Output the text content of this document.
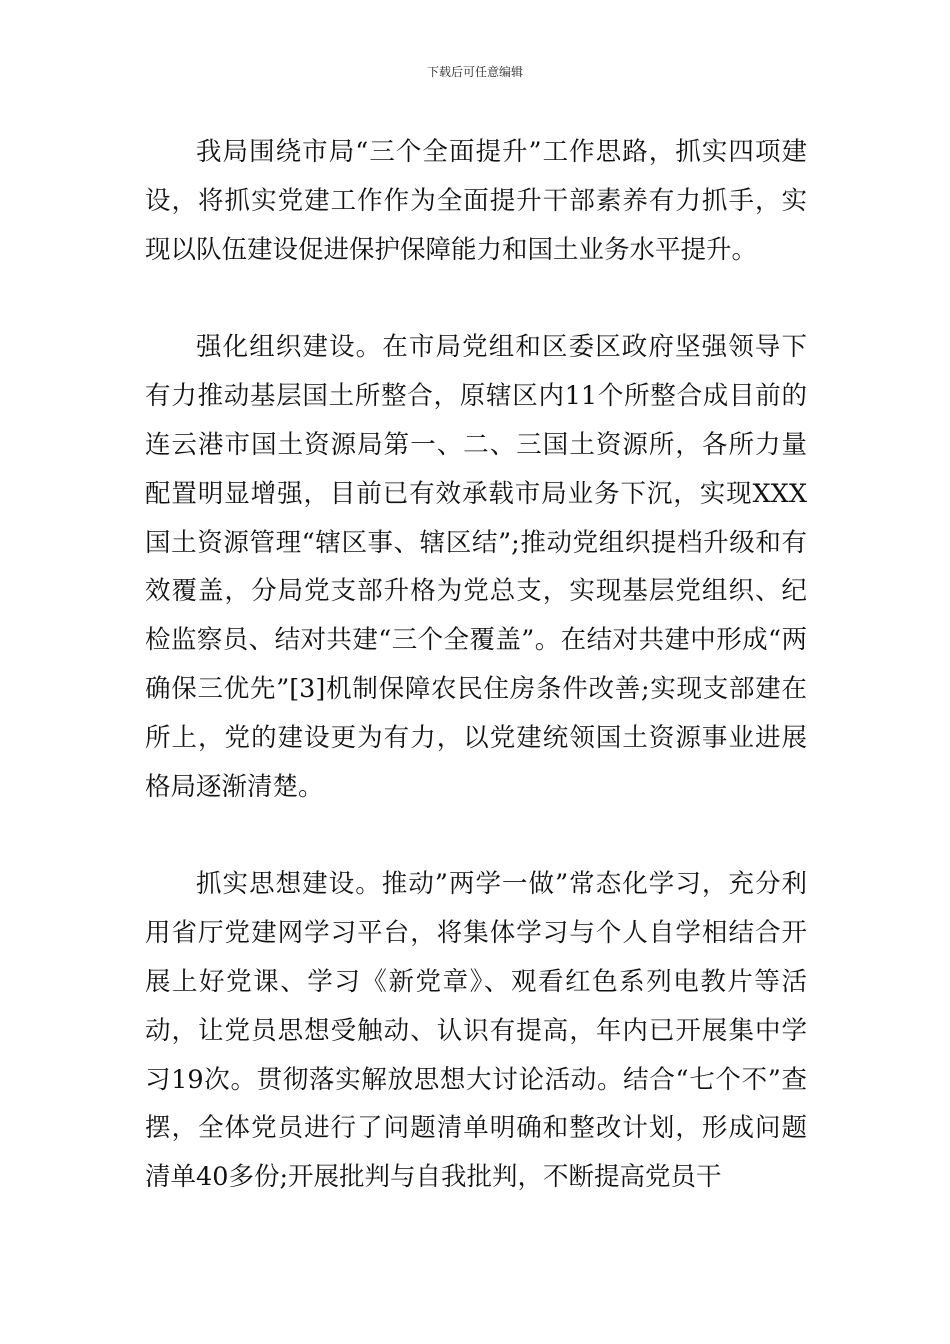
下载后可任意编辑

我局围绕市局“三个全面提升”工作思路，抓实四项建设，将抓实党建工作作为全面提升干部素养有力抓手，实现以队伍建设促进保护保障能力和国土业务水平提升。

强化组织建设。在市局党组和区委区政府坚强领导下有力推动基层国土所整合，原辖区内11个所整合成目前的连云港市国土资源局第一、二、三国土资源所，各所力量配置明显增强，目前已有效承载市局业务下沉，实现XXX国土资源管理“辖区事、辖区结”;推动党组织提档升级和有效覆盖，分局党支部升格为党总支，实现基层党组织、纪检监察员、结对共建“三个全覆盖”。在结对共建中形成“两确保三优先”[3]机制保障农民住房条件改善;实现支部建在所上，党的建设更为有力，以党建统领国土资源事业进展格局逐渐清楚。

抓实思想建设。推动”两学一做”常态化学习，充分利用省厅党建网学习平台，将集体学习与个人自学相结合开展上好党课、学习《新党章》、观看红色系列电教片等活动，让党员思想受触动、认识有提高，年内已开展集中学习19次。贯彻落实解放思想大讨论活动。结合“七个不”查摆，全体党员进行了问题清单明确和整改计划，形成问题清单40多份;开展批判与自我批判，不断提高党员干
